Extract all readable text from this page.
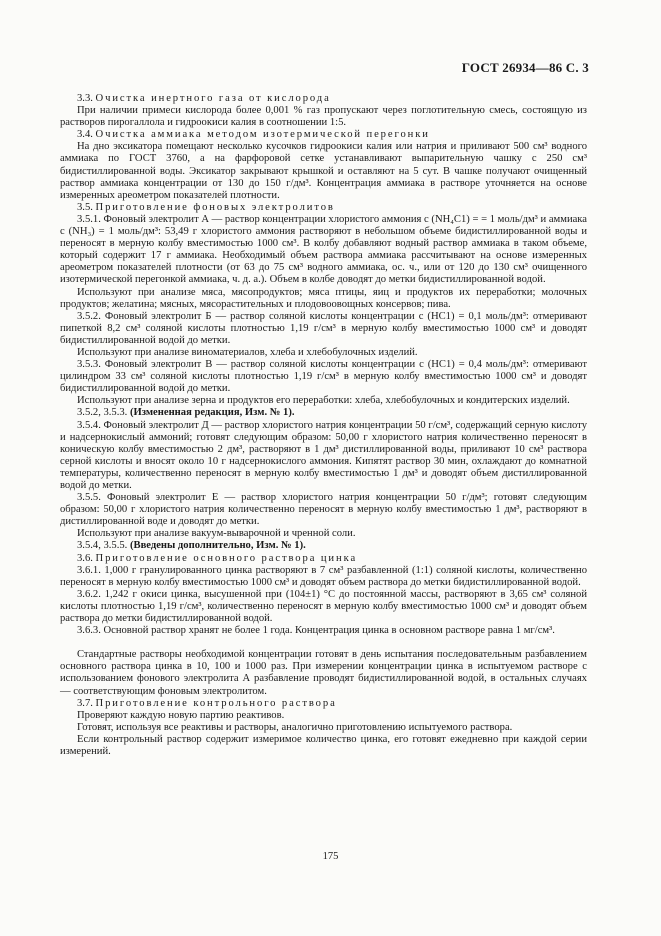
ГОСТ 26934—86 С. 3

3.3. Очистка инертного газа от кислорода

При наличии примеси кислорода более 0,001 % газ пропускают через поглотительную смесь, состоящую из растворов пирогаллола и гидроокиси калия в соотношении 1:5.

3.4. Очистка аммиака методом изотермической перегонки

На дно эксикатора помещают несколько кусочков гидроокиси калия или натрия и приливают 500 см³ водного аммиака по ГОСТ 3760, а на фарфоровой сетке устанавливают выпарительную чашку с 250 см³ бидистиллированной воды. Эксикатор закрывают крышкой и оставляют на 5 сут. В чашке получают очищенный раствор аммиака концентрации от 130 до 150 г/дм³. Концентрация аммиака в растворе уточняется на основе измеренных ареометром показателей плотности.

3.5. Приготовление фоновых электролитов

3.5.1. Фоновый электролит А — раствор концентрации хлористого аммония c (NH₄C1) = = 1 моль/дм³ и аммиака c (NH₃) = 1 моль/дм³: 53,49 г хлористого аммония растворяют в небольшом объеме бидистиллированной воды и переносят в мерную колбу вместимостью 1000 см³. В колбу добавляют водный раствор аммиака в таком объеме, который содержит 17 г аммиака. Необходимый объем раствора аммиака рассчитывают на основе измеренных ареометром показателей плотности (от 63 до 75 см³ водного аммиака, ос. ч., или от 120 до 130 см³ очищенного изотермической перегонкой аммиака, ч. д. а.). Объем в колбе доводят до метки бидистиллированной водой.

Используют при анализе мяса, мясопродуктов; мяса птицы, яиц и продуктов их переработки; молочных продуктов; желатина; мясных, мясорастительных и плодовоовощных консервов; пива.

3.5.2. Фоновый электролит Б — раствор соляной кислоты концентрации c (HC1) = 0,1 моль/дм³: отмеривают пипеткой 8,2 см³ соляной кислоты плотностью 1,19 г/см³ в мерную колбу вместимостью 1000 см³ и доводят бидистиллированной водой до метки.

Используют при анализе виноматериалов, хлеба и хлебобулочных изделий.

3.5.3. Фоновый электролит В — раствор соляной кислоты концентрации c (HC1) = 0,4 моль/дм³: отмеривают цилиндром 33 см³ соляной кислоты плотностью 1,19 г/см³ в мерную колбу вместимостью 1000 см³ и доводят бидистиллированной водой до метки.

Используют при анализе зерна и продуктов его переработки: хлеба, хлебобулочных и кондитерских изделий.

3.5.2, 3.5.3. (Измененная редакция, Изм. № 1).

3.5.4. Фоновый электролит Д — раствор хлористого натрия концентрации 50 г/см³, содержащий серную кислоту и надсернокислый аммоний; готовят следующим образом: 50,00 г хлористого натрия количественно переносят в коническую колбу вместимостью 2 дм³, растворяют в 1 дм³ дистиллированной воды, приливают 10 см³ раствора серной кислоты и вносят около 10 г надсернокислого аммония. Кипятят раствор 30 мин, охлаждают до комнатной температуры, количественно переносят в мерную колбу вместимостью 1 дм³ и доводят объем дистиллированной водой до метки.

3.5.5. Фоновый электролит Е — раствор хлористого натрия концентрации 50 г/дм³; готовят следующим образом: 50,00 г хлористого натрия количественно переносят в мерную колбу вместимостью 1 дм³, растворяют в дистиллированной воде и доводят до метки.

Используют при анализе вакуум-выварочной и чренной соли.

3.5.4, 3.5.5. (Введены дополнительно, Изм. № 1).

3.6. Приготовление основного раствора цинка

3.6.1. 1,000 г гранулированного цинка растворяют в 7 см³ разбавленной (1:1) соляной кислоты, количественно переносят в мерную колбу вместимостью 1000 см³ и доводят объем раствора до метки бидистиллированной водой.

3.6.2. 1,242 г окиси цинка, высушенной при (104±1) °C до постоянной массы, растворяют в 3,65 см³ соляной кислоты плотностью 1,19 г/см³, количественно переносят в мерную колбу вместимостью 1000 см³ и доводят объем раствора до метки бидистиллированной водой.

3.6.3. Основной раствор хранят не более 1 года. Концентрация цинка в основном растворе равна 1 мг/см³.

Стандартные растворы необходимой концентрации готовят в день испытания последовательным разбавлением основного раствора цинка в 10, 100 и 1000 раз. При измерении концентрации цинка в испытуемом растворе с использованием фонового электролита А разбавление проводят бидистиллированной водой, в остальных случаях — соответствующим фоновым электролитом.

3.7. Приготовление контрольного раствора

Проверяют каждую новую партию реактивов.

Готовят, используя все реактивы и растворы, аналогично приготовлению испытуемого раствора.

Если контрольный раствор содержит измеримое количество цинка, его готовят ежедневно при каждой серии измерений.

175
